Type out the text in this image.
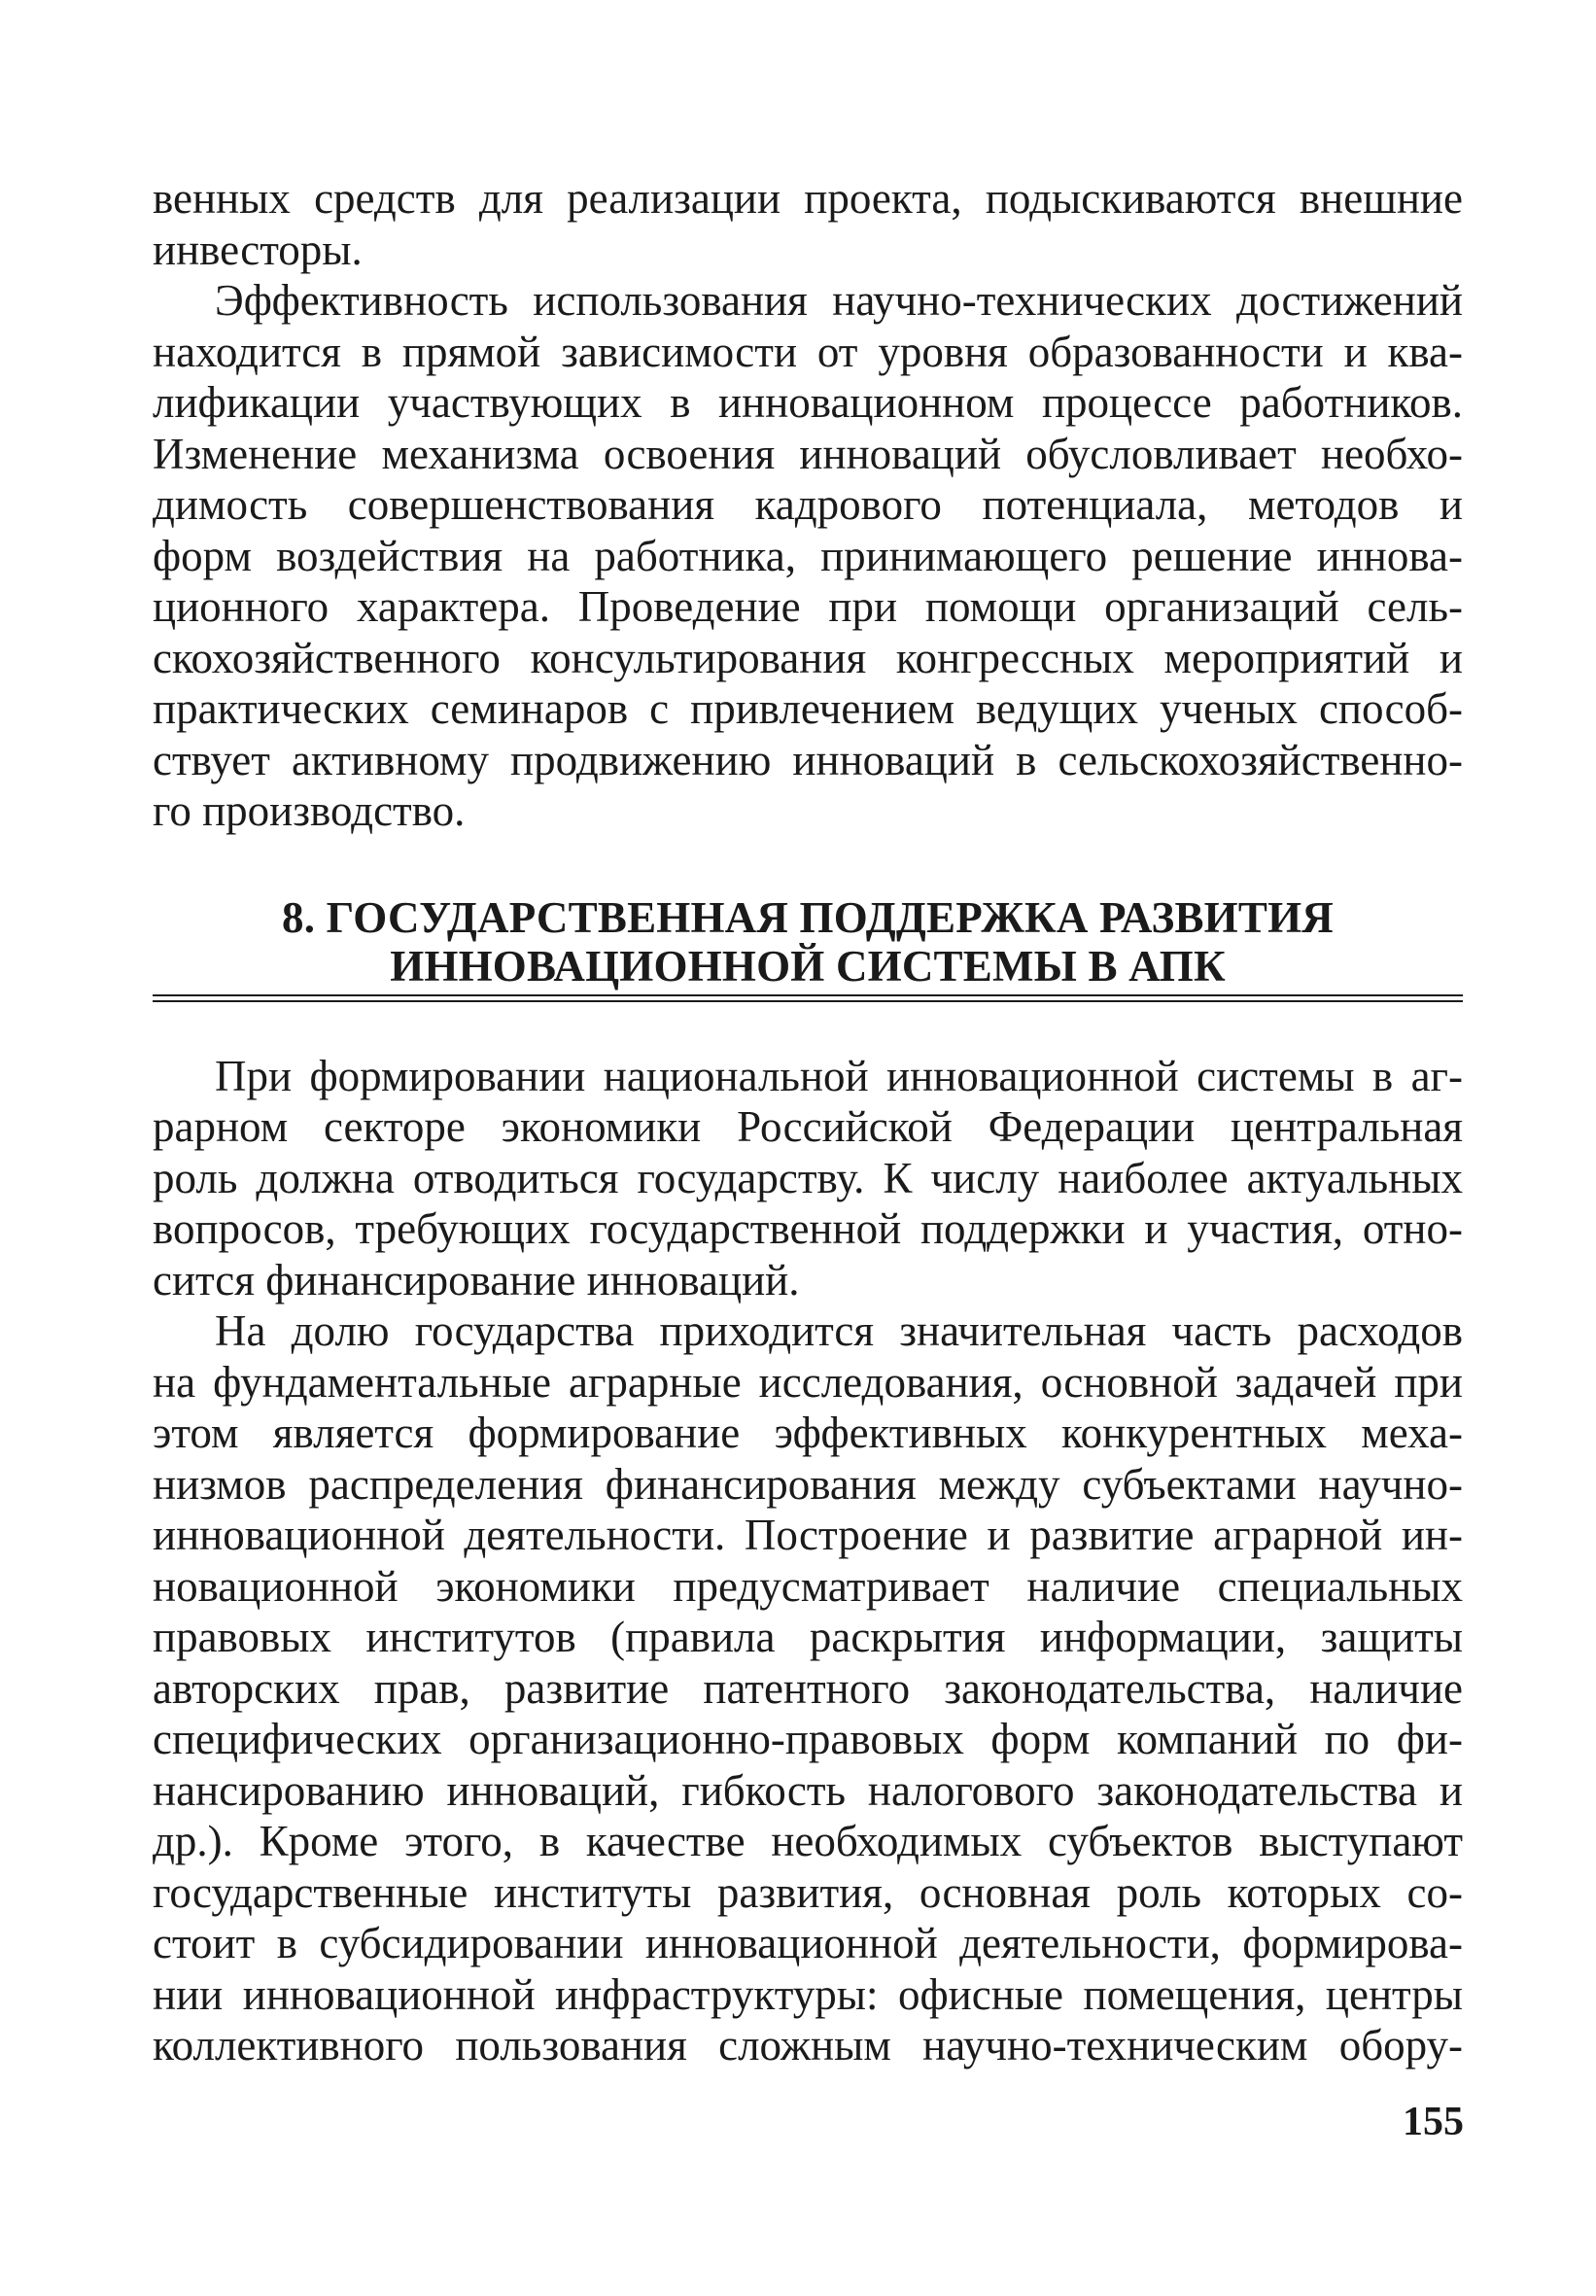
венных средств для реализации проекта, подыскиваются внешние
инвесторы.
Эффективность использования научно-технических достижений
находится в прямой зависимости от уровня образованности и ква-
лификации участвующих в инновационном процессе работников.
Изменение механизма освоения инноваций обусловливает необхо-
димость совершенствования кадрового потенциала, методов и
форм воздействия на работника, принимающего решение иннова-
ционного характера. Проведение при помощи организаций сель-
скохозяйственного консультирования конгрессных мероприятий и
практических семинаров с привлечением ведущих ученых способ-
ствует активному продвижению инноваций в сельскохозяйственно-
го производство.
8. ГОСУДАРСТВЕННАЯ ПОДДЕРЖКА РАЗВИТИЯ
ИННОВАЦИОННОЙ СИСТЕМЫ В АПК
При формировании национальной инновационной системы в аг-
рарном секторе экономики Российской Федерации центральная
роль должна отводиться государству. К числу наиболее актуальных
вопросов, требующих государственной поддержки и участия, отно-
сится финансирование инноваций.
На долю государства приходится значительная часть расходов
на фундаментальные аграрные исследования, основной задачей при
этом является формирование эффективных конкурентных меха-
низмов распределения финансирования между субъектами научно-
инновационной деятельности. Построение и развитие аграрной ин-
новационной экономики предусматривает наличие специальных
правовых институтов (правила раскрытия информации, защиты
авторских прав, развитие патентного законодательства, наличие
специфических организационно-правовых форм компаний по фи-
нансированию инноваций, гибкость налогового законодательства и
др.). Кроме этого, в качестве необходимых субъектов выступают
государственные институты развития, основная роль которых со-
стоит в субсидировании инновационной деятельности, формирова-
нии инновационной инфраструктуры: офисные помещения, центры
коллективного пользования сложным научно-техническим обору-
155
